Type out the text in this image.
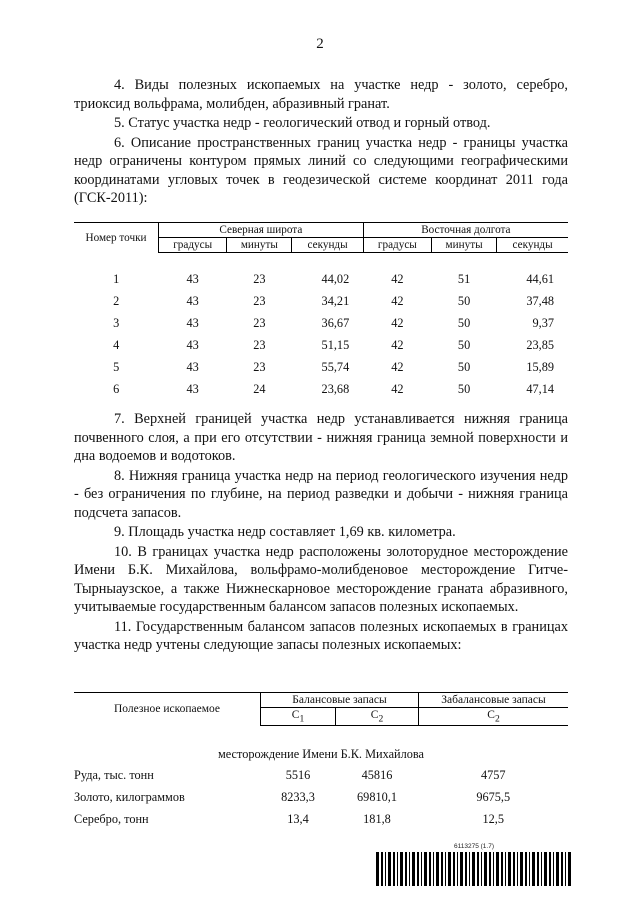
2

4. Виды полезных ископаемых на участке недр - золото, серебро, триоксид вольфрама, молибден, абразивный гранат.

5. Статус участка недр - геологический отвод и горный отвод.

6. Описание пространственных границ участка недр - границы участка недр ограничены контуром прямых линий со следующими географическими координатами угловых точек в геодезической системе координат 2011 года (ГСК-2011):

Номер точки	Северная широта			Восточная долгота		
	градусы	минуты	секунды	градусы	минуты	секунды

1	43	23	44,02	42	51	44,61
2	43	23	34,21	42	50	37,48
3	43	23	36,67	42	50	9,37
4	43	23	51,15	42	50	23,85
5	43	23	55,74	42	50	15,89
6	43	24	23,68	42	50	47,14

7. Верхней границей участка недр устанавливается нижняя граница почвенного слоя, а при его отсутствии - нижняя граница земной поверхности и дна водоемов и водотоков.

8. Нижняя граница участка недр на период геологического изучения недр - без ограничения по глубине, на период разведки и добычи - нижняя граница подсчета запасов.

9. Площадь участка недр составляет 1,69 кв. километра.

10. В границах участка недр расположены золоторудное месторождение Имени Б.К. Михайлова, вольфрамо-молибденовое месторождение Гитче-Тырныаузское, а также Нижнескарновое месторождение граната абразивного, учитываемые государственным балансом запасов полезных ископаемых.

11. Государственным балансом запасов полезных ископаемых в границах участка недр учтены следующие запасы полезных ископаемых:

Полезное ископаемое	Балансовые запасы		Забалансовые запасы
	$C_1$	$C_2$	$C_2$

месторождение Имени Б.К. Михайлова			
Руда, тыс. тонн	5516	45816	4757
Золото, килограммов	8233,3	69810,1	9675,5
Серебро, тонн	13,4	181,8	12,5
6113275 (1.7)
